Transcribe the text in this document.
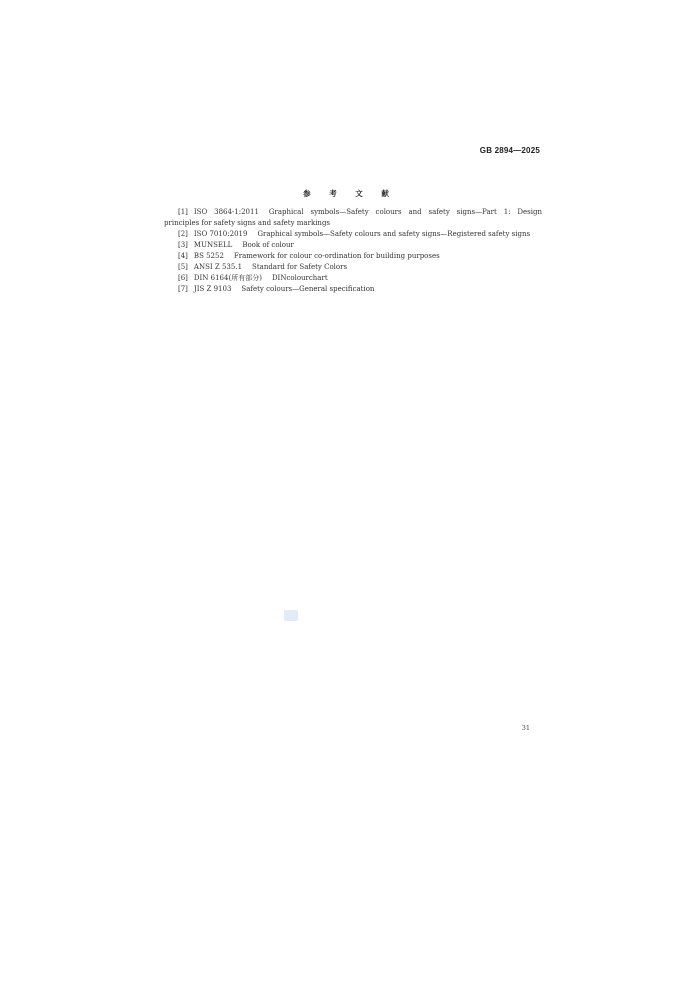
GB 2894—2025
参 考 文 献
[1] ISO 3864-1:2011 Graphical symbols—Safety colours and safety signs—Part 1: Design principles for safety signs and safety markings
[2] ISO 7010:2019 Graphical symbols—Safety colours and safety signs—Registered safety signs
[3] MUNSELL Book of colour
[4] BS 5252 Framework for colour co-ordination for building purposes
[5] ANSI Z 535.1 Standard for Safety Colors
[6] DIN 6164(所有部分) DINcolourchart
[7] JIS Z 9103 Safety colours—General specification
31
